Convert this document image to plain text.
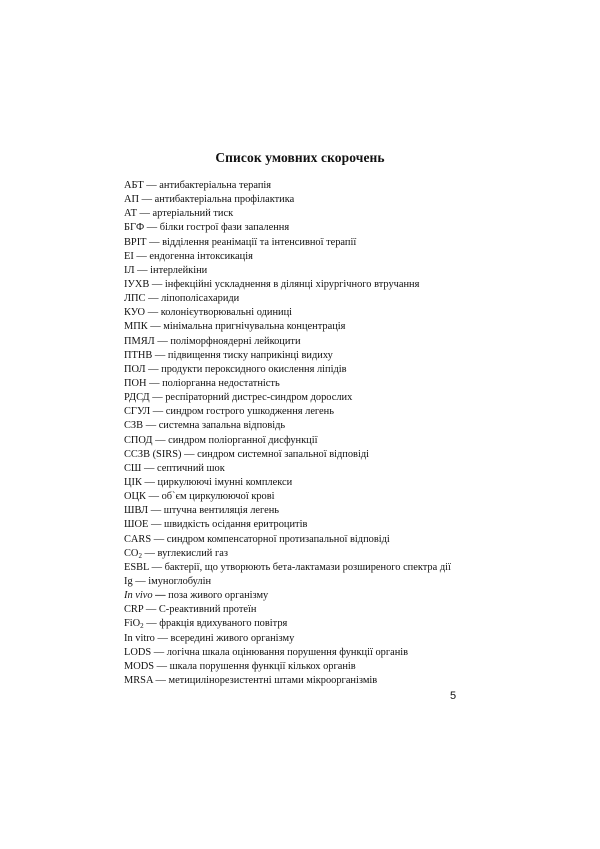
Список умовних скорочень
АБТ — антибактеріальна терапія
АП — антибактеріальна профілактика
АТ — артеріальний тиск
БГФ — білки гострої фази запалення
ВРІТ — відділення реанімації та інтенсивної терапії
ЕІ — ендогенна інтоксикація
ІЛ — інтерлейкіни
ІУХВ — інфекційні ускладнення в ділянці хірургічного втручання
ЛПС — ліпополісахариди
КУО — колонієутворювальні одиниці
МПК — мінімальна пригнічувальна концентрація
ПМЯЛ — поліморфноядерні лейкоцити
ПТНВ — підвищення тиску наприкінці видиху
ПОЛ — продукти пероксидного окислення ліпідів
ПОН — поліорганна недостатність
РДСД — респіраторний дистрес-синдром дорослих
СГУЛ — синдром гострого ушкодження легень
СЗВ — системна запальна відповідь
СПОД — синдром поліорганної дисфункції
ССЗВ (SIRS) — синдром системної запальної відповіді
СШ — септичний шок
ЦІК — циркулюючі імунні комплекси
ОЦК — об`єм циркулюючої крові
ШВЛ — штучна вентиляція легень
ШОЕ — швидкість осідання еритроцитів
CARS — синдром компенсаторної протизапальної відповіді
$CO_2$ — вуглекислий газ
ESBL — бактерії, що утворюють бета-лактамази розширеного спектра дії
Ig — імуноглобулін
In vivo — поза живого організму
CRP — С-реактивний протеїн
FiO$_2$ — фракція вдихуваного повітря
In vitro — всередині живого організму
LODS — логічна шкала оцінювання порушення функції органів
MODS — шкала порушення функції кількох органів
MRSA — метицилінорезистентні штами мікроорганізмів
5
